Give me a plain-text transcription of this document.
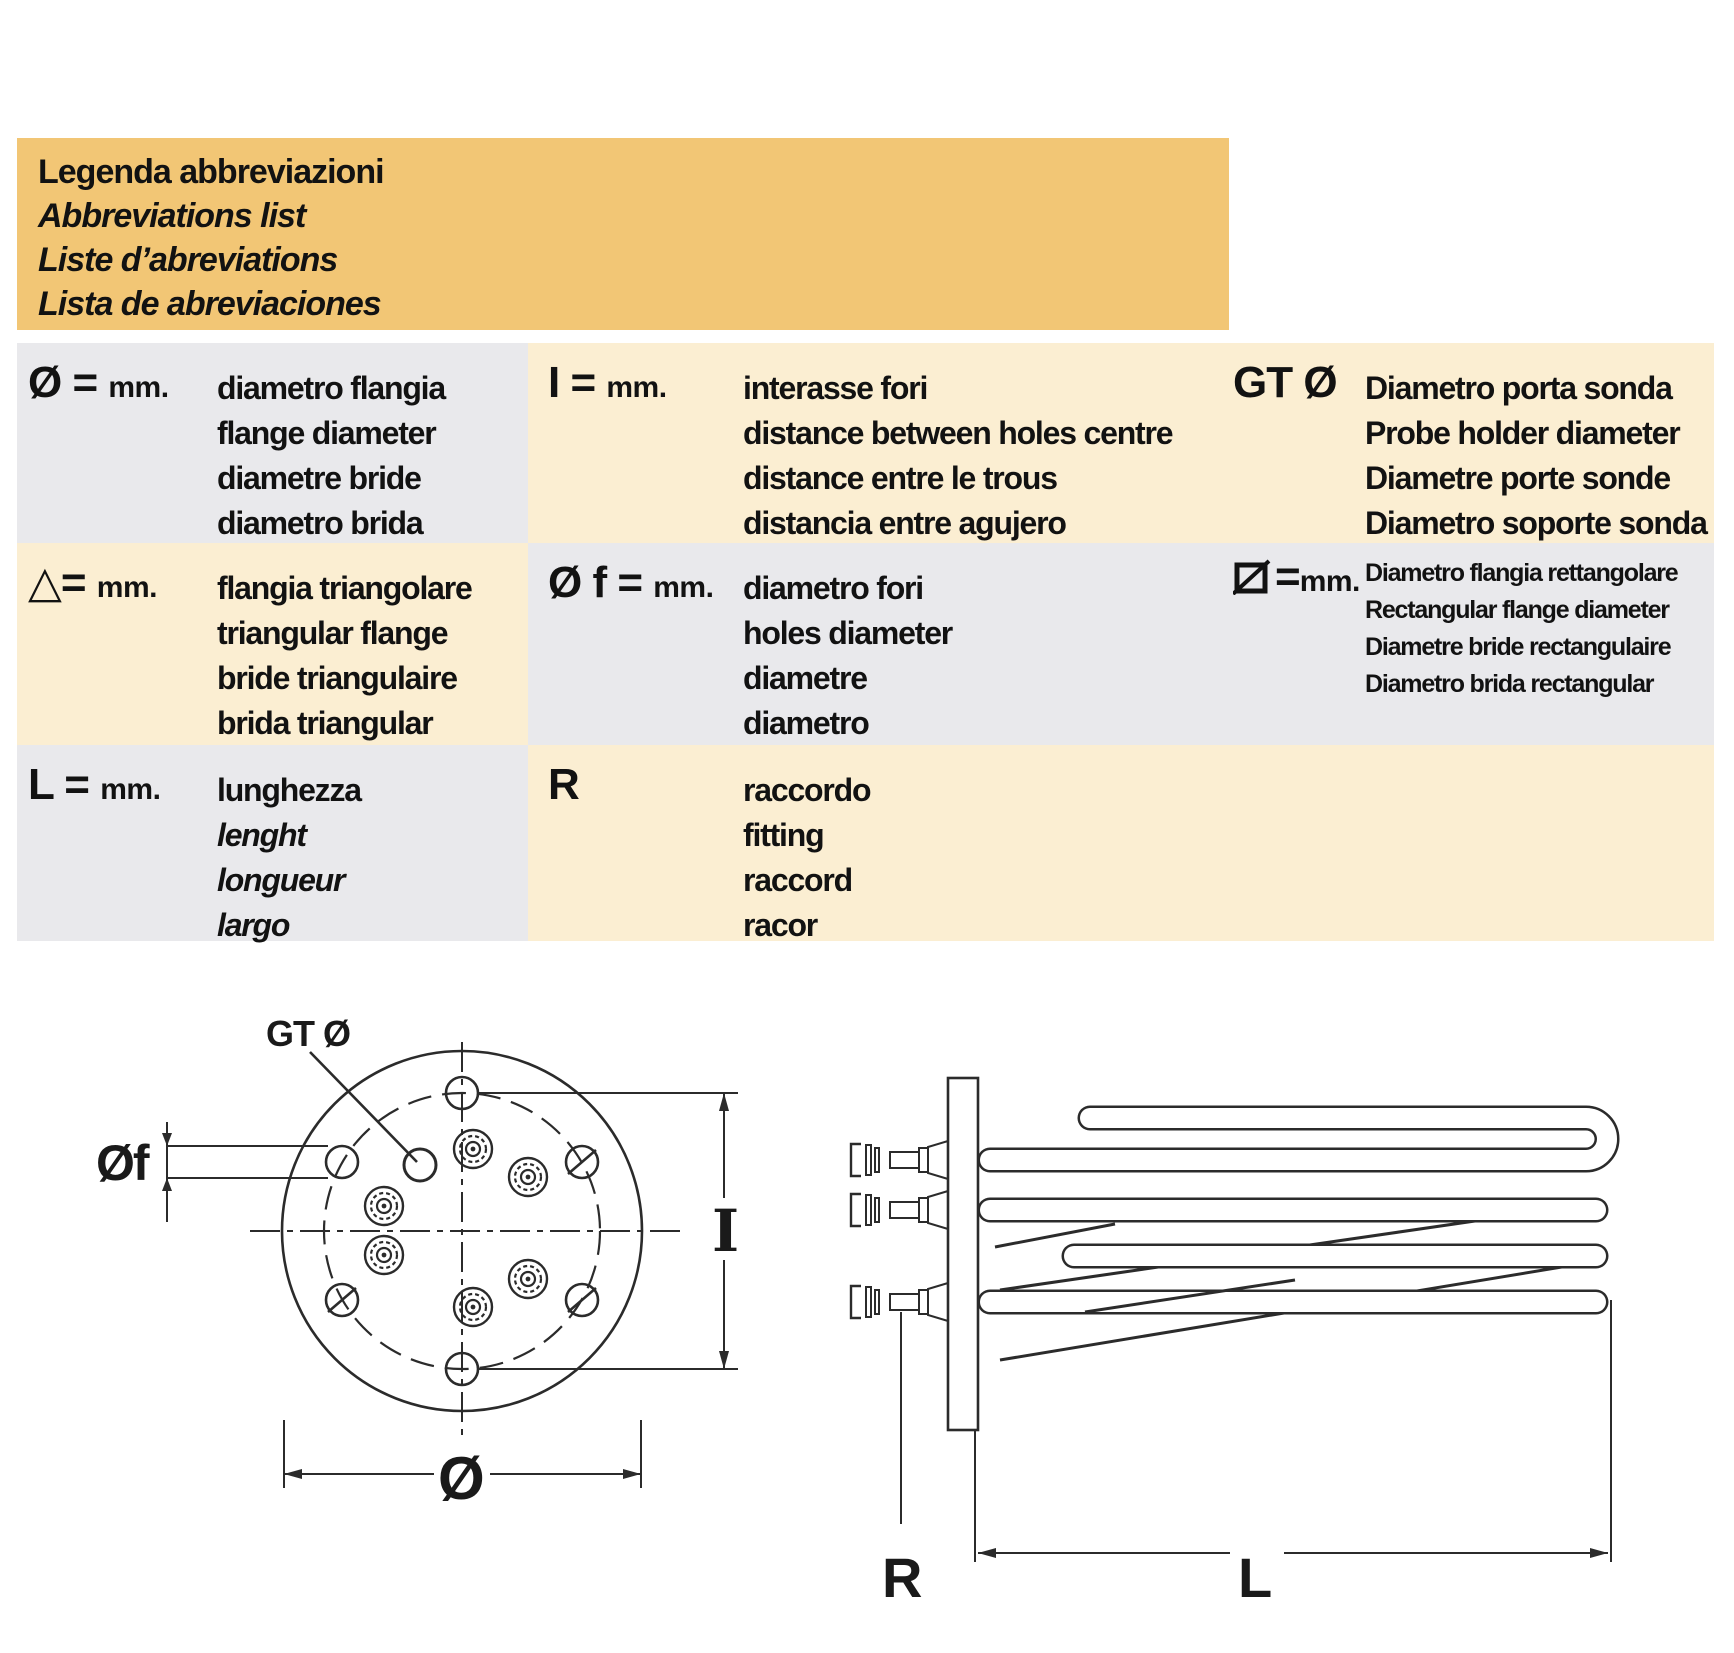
Legenda abbreviazioni
Abbreviations list
Liste d’abreviations
Lista de abreviaciones
Ø = mm. diametro flangia
flange diameter
diametre bride
diametro brida
I = mm. interasse fori
distance between holes centre
distance entre le trous
distancia entre agujero
GT Ø Diametro porta sonda
Probe holder diameter
Diametre porte sonde
Diametro soporte sonda
△= mm. flangia triangolare
triangular flange
bride triangulaire
brida triangular
Ø f = mm. diametro fori
holes diameter
diametre
diametro
=mm. Diametro flangia rettangolare
Rectangular flange diameter
Diametre bride rectangulaire
Diametro brida rectangular
L = mm. lunghezza
lenght
longueur
largo
R	raccordo
fitting
raccord
racor
GT Ø
Øf
I
Ø
R	L
